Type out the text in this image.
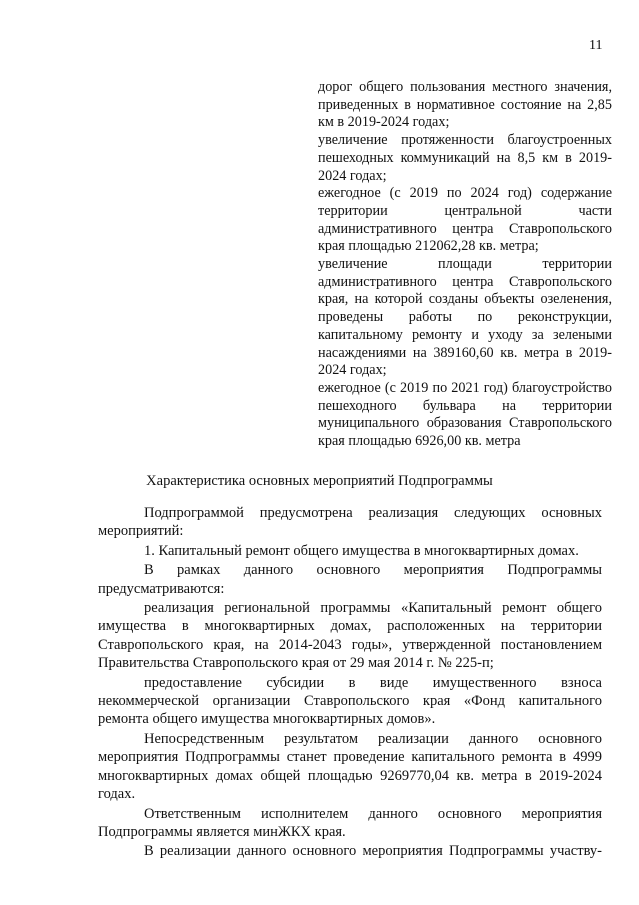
11

дорог общего пользования местного значения, приведенных в нормативное состояние на 2,85 км в 2019-2024 годах;

увеличение протяженности благоустроенных пешеходных коммуникаций на 8,5 км в 2019-2024 годах;

ежегодное (с 2019 по 2024 год) содержание территории центральной части административного центра Ставропольского края площадью 212062,28 кв. метра;

увеличение площади территории административного центра Ставропольского края, на которой созданы объекты озеленения, проведены работы по реконструкции, капитальному ремонту и уходу за зелеными насаждениями на 389160,60 кв. метра в 2019-2024 годах;

ежегодное (с 2019 по 2021 год) благоустройство пешеходного бульвара на территории муниципального образования Ставропольского края площадью 6926,00 кв. метра

Характеристика основных мероприятий Подпрограммы

Подпрограммой предусмотрена реализация следующих основных мероприятий:

1. Капитальный ремонт общего имущества в многоквартирных домах.

В рамках данного основного мероприятия Подпрограммы предусматриваются:

реализация региональной программы «Капитальный ремонт общего имущества в многоквартирных домах, расположенных на территории Ставропольского края, на 2014-2043 годы», утвержденной постановлением Правительства Ставропольского края от 29 мая 2014 г. № 225-п;

предоставление субсидии в виде имущественного взноса некоммерческой организации Ставропольского края «Фонд капитального ремонта общего имущества многоквартирных домов».

Непосредственным результатом реализации данного основного мероприятия Подпрограммы станет проведение капитального ремонта в 4999 многоквартирных домах общей площадью 9269770,04 кв. метра в 2019-2024 годах.

Ответственным исполнителем данного основного мероприятия Подпрограммы является минЖКХ края.

В реализации данного основного мероприятия Подпрограммы участву-
